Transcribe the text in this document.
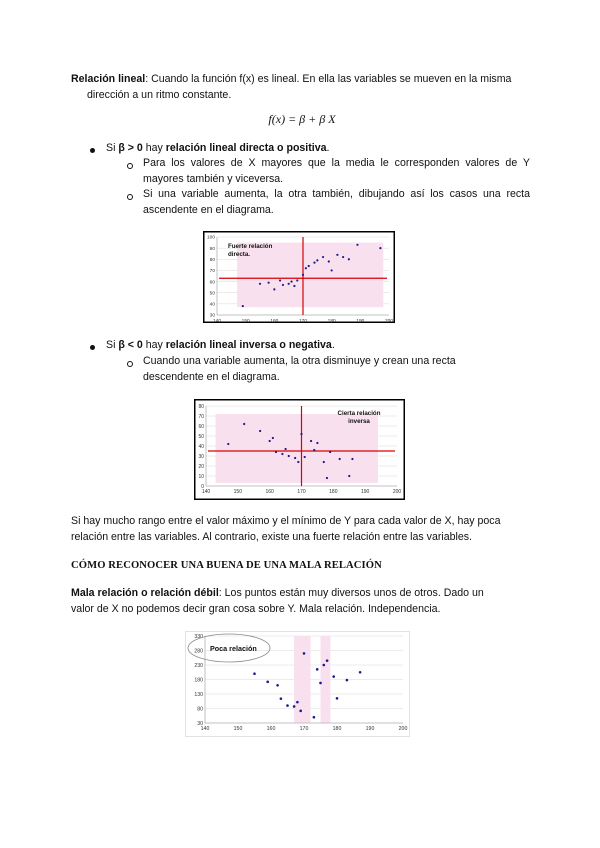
Relación lineal: Cuando la función f(x) es lineal. En ella las variables se mueven en la misma
dirección a un ritmo constante.
f(x) = β + β X
Si β > 0 hay relación lineal directa o positiva.
Para los valores de X mayores que la media le corresponden valores de Y
mayores también y viceversa.
Si una variable aumenta, la otra también, dibujando así los casos una recta
ascendente en el diagrama.
140	150	160	170	180	190	200
30
40
50
60
70
80
90
100
Fuerte relación directa.
Si β < 0 hay relación lineal inversa o negativa.
Cuando una variable aumenta, la otra disminuye y crean una recta
descendente en el diagrama.
140	150	160	170	180	190	200
0
10
20
30
40
50
60
70
80
Cierta relación inversa
Si hay mucho rango entre el valor máximo y el mínimo de Y para cada valor de X, hay poca
relación entre las variables. Al contrario, existe una fuerte relación entre las variables.
CÓMO RECONOCER UNA BUENA DE UNA MALA RELACIÓN
Mala relación o relación débil: Los puntos están muy diversos unos de otros. Dado un
valor de X no podemos decir gran cosa sobre Y. Mala relación. Independencia.
140	150	160	170	180	190	200
30
80
130
180
230
280
330
Poca relación
